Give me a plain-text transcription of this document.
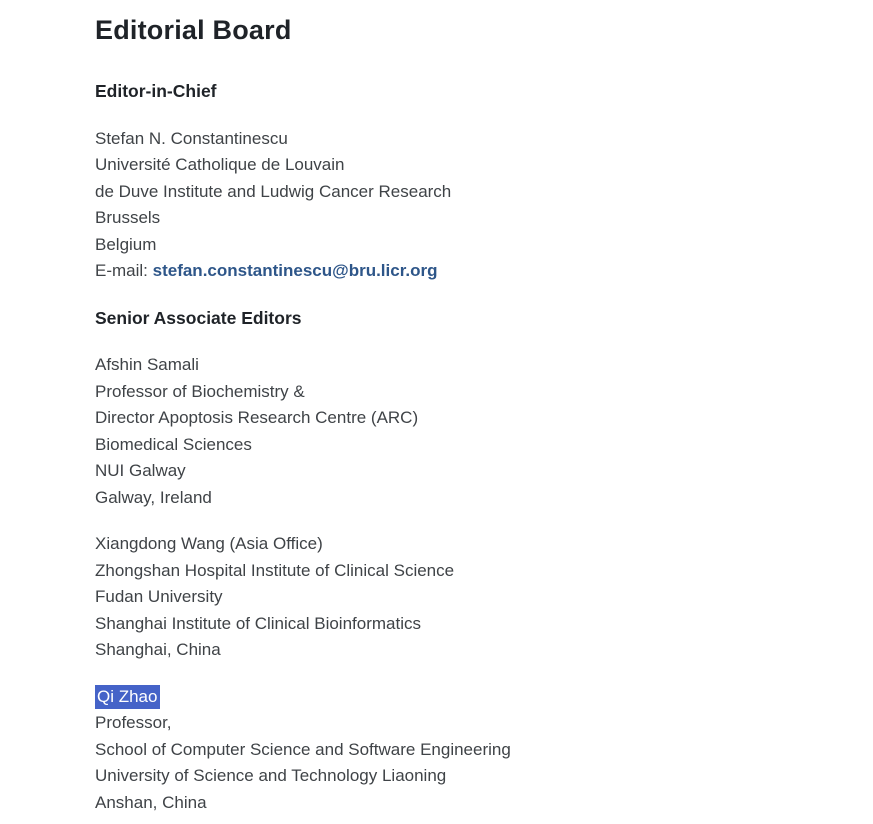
Editorial Board
Editor-in-Chief
Stefan N. Constantinescu
Université Catholique de Louvain
de Duve Institute and Ludwig Cancer Research
Brussels
Belgium
E-mail: stefan.constantinescu@bru.licr.org
Senior Associate Editors
Afshin Samali
Professor of Biochemistry &
Director Apoptosis Research Centre (ARC)
Biomedical Sciences
NUI Galway
Galway, Ireland
Xiangdong Wang (Asia Office)
Zhongshan Hospital Institute of Clinical Science
Fudan University
Shanghai Institute of Clinical Bioinformatics
Shanghai, China
Qi Zhao
Professor,
School of Computer Science and Software Engineering
University of Science and Technology Liaoning
Anshan, China
